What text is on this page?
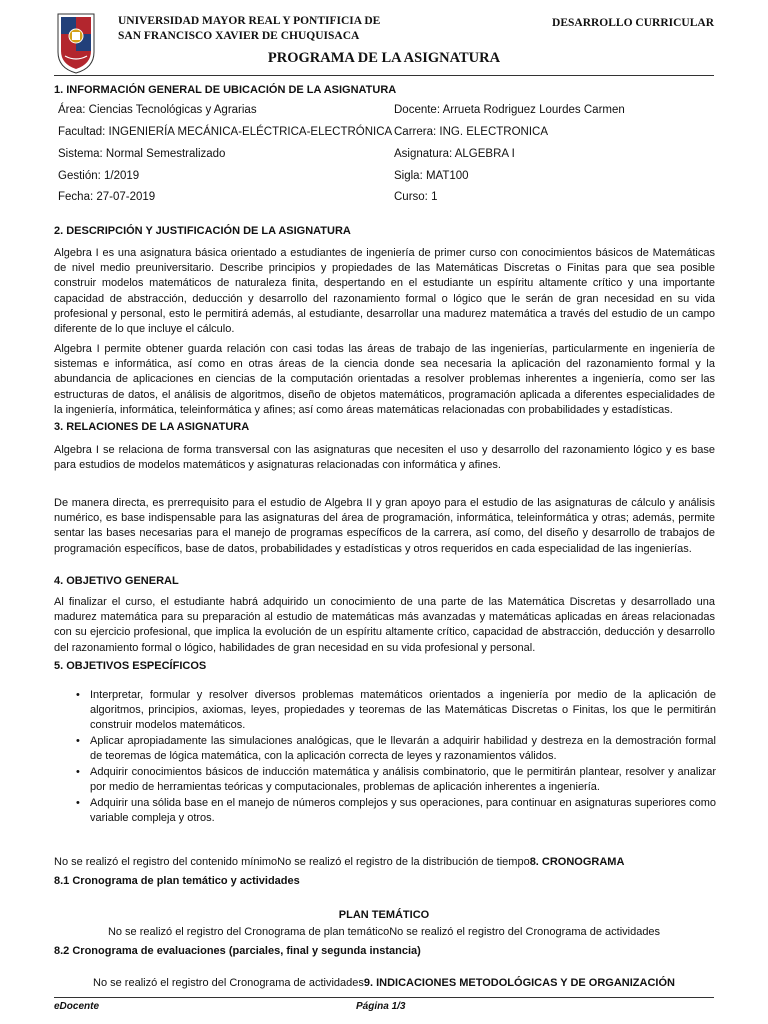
UNIVERSIDAD MAYOR REAL Y PONTIFICIA DE
SAN FRANCISCO XAVIER DE CHUQUISACA
DESARROLLO CURRICULAR
PROGRAMA DE LA ASIGNATURA
1. INFORMACIÓN GENERAL DE UBICACIÓN DE LA ASIGNATURA
Área: Ciencias Tecnológicas y Agrarias
Facultad: INGENIERÍA MECÁNICA-ELÉCTRICA-ELECTRÓNICA
Sistema: Normal Semestralizado
Gestión: 1/2019
Fecha: 27-07-2019
Docente: Arrueta Rodriguez Lourdes Carmen
Carrera: ING. ELECTRONICA
Asignatura: ALGEBRA I
Sigla: MAT100
Curso: 1
2. DESCRIPCIÓN Y JUSTIFICACIÓN DE LA ASIGNATURA
Algebra I es una asignatura básica orientado a estudiantes de ingeniería de primer curso con conocimientos básicos de Matemáticas de nivel medio preuniversitario. Describe principios y propiedades de las Matemáticas Discretas o Finitas para que sea posible construir modelos matemáticos de naturaleza finita, despertando en el estudiante un espíritu altamente crítico y una importante capacidad de abstracción, deducción y desarrollo del razonamiento formal o lógico que le serán de gran necesidad en su vida profesional y personal, esto le permitirá además, al estudiante, desarrollar una madurez matemática a través del estudio de un campo diferente de lo que incluye el cálculo.
Algebra I permite obtener guarda relación con casi todas las áreas de trabajo de las ingenierías, particularmente en ingeniería de sistemas e informática, así como en otras áreas de la ciencia donde sea necesaria la aplicación del razonamiento formal y la abundancia de aplicaciones en ciencias de la computación orientadas a resolver problemas inherentes a ingeniería, como ser las estructuras de datos, el análisis de algoritmos, diseño de objetos matemáticos, programación aplicada a diferentes especialidades de la ingeniería, informática, teleinformática y afines; así como áreas matemáticas relacionadas con probabilidades y estadísticas.
3. RELACIONES DE LA ASIGNATURA
Algebra I se relaciona de forma transversal con las asignaturas que necesiten el uso y desarrollo del razonamiento lógico y es base para estudios de modelos matemáticos y asignaturas relacionadas con informática y afines.
De manera directa, es prerrequisito para el estudio de Algebra II y gran apoyo para el estudio de las asignaturas de cálculo y análisis numérico, es base indispensable para las asignaturas del área de programación, informática, teleinformática y otras; además, permite sentar las bases necesarias para el manejo de programas específicos de la carrera, así como, del diseño y desarrollo de trabajos de programación específicos, base de datos, probabilidades y estadísticas y otros requeridos en cada especialidad de las ingenierías.
4. OBJETIVO GENERAL
Al finalizar el curso, el estudiante habrá adquirido un conocimiento de una parte de las Matemática Discretas y desarrollado una madurez matemática para su preparación al estudio de matemáticas más avanzadas y matemáticas aplicadas en áreas relacionadas con su ejercicio profesional, que implica la evolución de un espíritu altamente crítico, capacidad de abstracción, deducción y desarrollo del razonamiento formal o lógico, habilidades de gran necesidad en su vida profesional y personal.
5. OBJETIVOS ESPECÍFICOS
• Interpretar, formular y resolver diversos problemas matemáticos orientados a ingeniería por medio de la aplicación de algoritmos, principios, axiomas, leyes, propiedades y teoremas de las Matemáticas Discretas o Finitas, los que le permitirán construir modelos matemáticos.
• Aplicar apropiadamente las simulaciones analógicas, que le llevarán a adquirir habilidad y destreza en la demostración formal de teoremas de lógica matemática, con la aplicación correcta de leyes y razonamientos válidos.
• Adquirir conocimientos básicos de inducción matemática y análisis combinatorio, que le permitirán plantear, resolver y analizar por medio de herramientas teóricas y computacionales, problemas de aplicación inherentes a ingeniería.
• Adquirir una sólida base en el manejo de números complejos y sus operaciones, para continuar en asignaturas superiores como variable compleja y otros.
No se realizó el registro del contenido mínimoNo se realizó el registro de la distribución de tiempo8. CRONOGRAMA
8.1 Cronograma de plan temático y actividades
PLAN TEMÁTICO
No se realizó el registro del Cronograma de plan temáticoNo se realizó el registro del Cronograma de actividades
8.2 Cronograma de evaluaciones (parciales, final y segunda instancia)
No se realizó el registro del Cronograma de actividades9. INDICACIONES METODOLÓGICAS Y DE ORGANIZACIÓN
eDocente	Página 1/3
